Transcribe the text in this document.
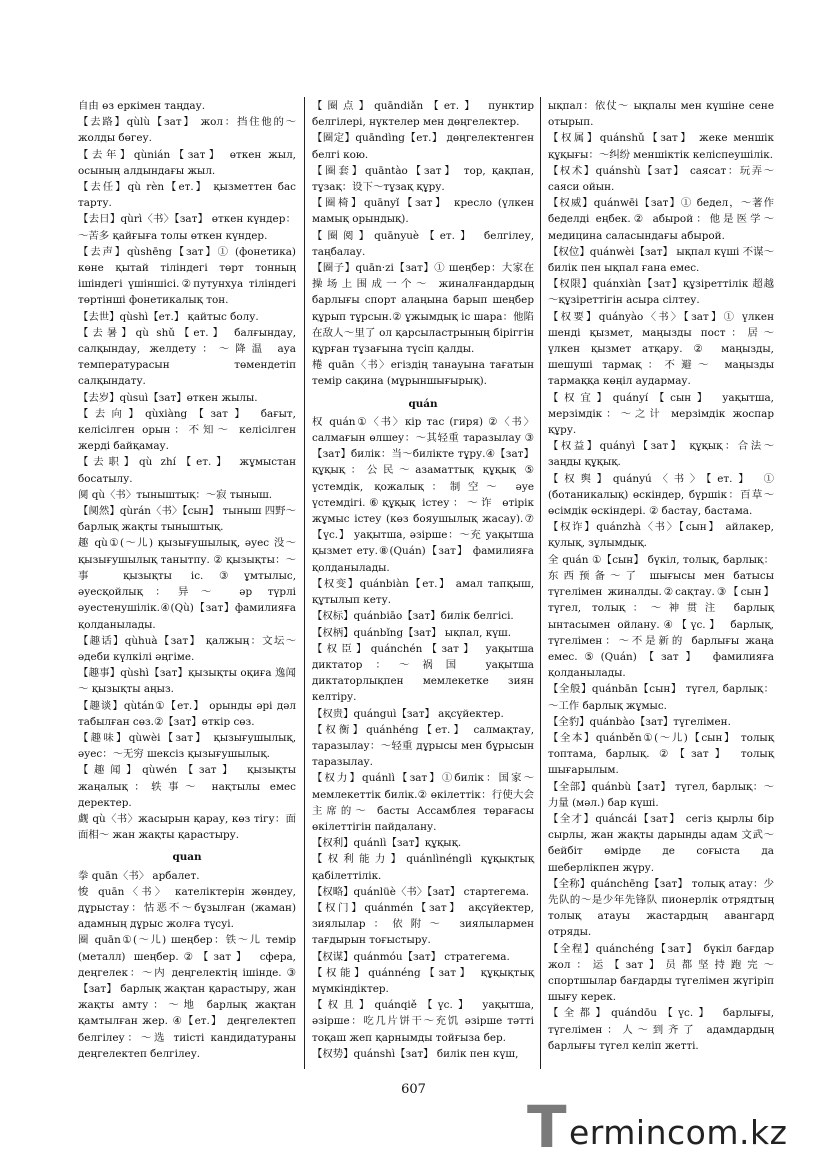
自由 өз еркімен таңдау.

【去路】qùlù【зат】 жол：挡住他的～ жолды бөгеу.

【去年】qùnián【зат】 өткен жыл, осының алдындағы жыл.

【去任】qù rèn【ет.】 қызметтен бас тарту.

【去日】qùrì〈书〉【зат】 өткен күндер：～苦多 қайғыға толы өткен күндер.

【去声】qùshēng【зат】① (фонетика) көне қытай тіліндегі төрт тонның ішіндегі үшіншісі.②путунхуа тіліндегі төртінші фонетикалық тон.

【去世】qùshì【ет.】 қайтыс болу.

【去暑】qù shǔ【ет.】 балғындау, салқындау, желдету：～降温 ауа температурасын төмендетіп салқындату.

【去岁】qùsuì【зат】өткен жылы.

【去向】qùxiàng【зат】 бағыт, келісілген орын：不知～ келісілген жерді байқамау.

【去职】qù zhí【ет.】 жұмыстан босатылу.

阒 qù〈书〉тыныштық：～寂 тыныш.

【阒然】qùrán〈书〉【сын】 тыныш 四野～ барлық жақты тыныштық.

趣 qù①(～儿) қызығушылық, әуес 没～ қызығушылық танытпу. ② қызықты：～事 қызықты іс.③ұмтылыс, әуесқойлық：异～ әр түрлі әуестенушілік.④(Qù)【зат】фамилияға қолданылады.

【趣话】qùhuà【зат】 қалжың：文坛～ әдеби күлкілі әңгіме.

【趣事】qùshì【зат】қызықты оқиға 逸闻～ қызықты аңыз.

【趣谈】qùtán①【ет.】 орынды әрі дәл табылған сөз.②【зат】өткір сөз.

【趣味】qùwèi【зат】 қызығушылық, әуес：～无穷 шексіз қызығушылық.

【趣闻】qùwén【зат】 қызықты жаңалық：轶事～ нақтылы емес деректер.

觑 qù〈书〉жасырын қарау, көз тігу：面面相～ жан жақты қарастыру.

quan

拳 quān〈书〉 арбалет.

悛 quān〈书〉 кателіктерін жөндеу, дұрыстау：怙恶不～бұзылған (жаман) адамның дұрыс жолға түсуі.

圈 quān①(～儿) шеңбер：铁～儿 темір (металл) шеңбер.②【зат】 сфера, деңгелек：～内 деңгелектің ішінде. ③【зат】 барлық жақтан қарастыру, жан жақты амту：～地 барлық жақтан қамтылған жер. ④【ет.】 деңгелектеп белгілеу：～选 тиісті кандидатураны деңгелектеп белгілеу.

【圈点】quāndiǎn【ет.】 пунктир белгілері, нүктелер мен дөңгелектер.

【圈定】quāndìng【ет.】 дөңгелектенген белгі кою.

【圈套】quāntào【зат】 тор, қақпан, тұзақ：设下～тұзақ құру.

【圈椅】quānyǐ【зат】 кресло (үлкен мамық орындық).

【圈阅】quānyuè【ет.】 белгілеу, таңбалау.

【圈子】quān·zi【зат】① шеңбер：大家在操场上围成一个～ жиналғандардың барлығы спорт алаңына барып шеңбер құрып тұрсын.② ұжымдық іс шара：他陷在敌人～里了 ол қарсыластрының біріггін құрған тұзағына түсіп қалды.

棬 quān〈书〉егіздің танауына тағатын темір сақина (мұрыншығырық).

quán

权 quán①〈书〉кір тас (гиря) ②〈书〉 салмағын өлшеу：～其轻重 таразылау ③【зат】билік：当～билікте тұру.④【зат】құқық：公民～азаматтық құқық ⑤ үстемдік, қожалық：制空～ әуе үстемдігі.⑥құқық істеу：～诈 өтірік жұмыс істеу (көз бояушылық жасау).⑦【үс.】 уақытша, әзірше：～充 уақытша қызмет ету.⑧(Quán)【зат】 фамилияға қолданылады.

【权变】quánbiàn【ет.】 амал тапқыш, құтылып кету.

【权标】quánbiāo【зат】билік белгісі.

【权柄】quánbǐng【зат】 ықпал, күш.

【权臣】quánchén【зат】 уақытша диктатор：～祸国 уақытша диктаторлықпен мемлекетке зиян келтіру.

【权贵】quánguì【зат】 ақсүйектер.

【权衡】quánhéng【ет.】 салмақтау, таразылау：～轻重 дұрысы мен бұрысын таразылау.

【权力】quánlì【зат】①билік：国家～ мемлекеттік билік.② өкілеттік：行使大会主席的～ басты Ассамблея төрағасы өкілеттігін пайдалану.

【权利】quánlì【зат】құқық.

【权利能力】quánlìnénglì құқықтық қабілеттілік.

【权略】quánlüè〈书〉【зат】 стартегема.

【权门】quánmén【зат】 ақсүйектер, зиялылар：依附～ зиялылармен тағдырын тоғыстыру.

【权谋】quánmóu【зат】 стратегема.

【权能】quánnéng【зат】 құқықтық мүмкіндіктер.

【权且】quánqiě【үс.】 уақытша, әзірше：吃几片饼干～充饥 әзірше тәтті тоқаш жеп қарнымды тойғыза бер.

【权势】quánshì【зат】 билік пен күш,

ықпал：依仗～ ықпалы мен күшіне сене отырып.

【权属】quánshǔ【зат】 жеке меншік құқығы：～纠纷 меншіктік келіспеушілік.

【权术】quánshù【зат】 саясат：玩弄～саяси ойын.

【权威】quánwēi【зат】① бедел，～著作 беделді еңбек.② абырой：他是医学～ медицина саласындағы абырой.

【权位】quánwèi【зат】 ықпал күші 不谋～билік пен ықпал ғана емес.

【权限】quánxiàn【зат】құзіреттілік 超越～құзіреттігін асыра сілтеу.

【权要】quányào〈书〉【зат】① үлкен шенді қызмет, маңызды пост：居～ үлкен қызмет атқару. ② маңызды, шешуші тармақ：不避～ маңызды тармаққа көңіл аудармау.

【权宜】quányí【сын】 уақытша, мерзімдік：～之计 мерзімдік жоспар құру.

【权益】quányì【зат】 құқық：合法～заңды құқық.

【权舆】quányú〈书〉【ет.】 ① (ботаникалық) өскіндер, бүршік：百草～ өсімдік өскіндері. ② бастау, бастама.

【权诈】quánzhà〈书〉【сын】 айлакер, қулық, зұлымдық.

全 quán ①【сын】 бүкіл, толық, барлық：东西预备～了 шығысы мен батысы түгелімен жиналды.②сақтау.③【сын】 түгел, толық：～神贯注 барлық ынтасымен ойлану.④【үс.】 барлық, түгелімен：～不是新的 барлығы жаңа емес.⑤(Quán)【зат】 фамилияға қолданылады.

【全般】quánbān【сын】 түгел, барлық：～工作 барлық жұмыс.

【全豹】quánbào【зат】түгелімен.

【全本】quánběn①(～儿)【сын】 толық топтама, барлық. ②【зат】 толық шығарылым.

【全部】quánbù【зат】 түгел, барлық：～力量 (мәл.) бар күші.

【全才】quáncái【зат】 сегіз қырлы бір сырлы, жан жақты дарынды адам 文武～ бейбіт өмірде де соғыста да шеберлікпен жүру.

【全称】quánchēng【зат】 толық атау：少先队的～是少年先锋队 пионерлік отрядтың толық атауы жастардың авангард отряды.

【全程】quánchéng【зат】 бүкіл бағдар жол：运【зат】员都坚持跑完～ спортшылар бағдарды түгелімен жүгіріп шығу керек.

【全都】quándōu【үс.】 барлығы, түгелімен：人～到齐了 адамдардың барлығы түгел келіп жетті.

607
T ermincom.kz
